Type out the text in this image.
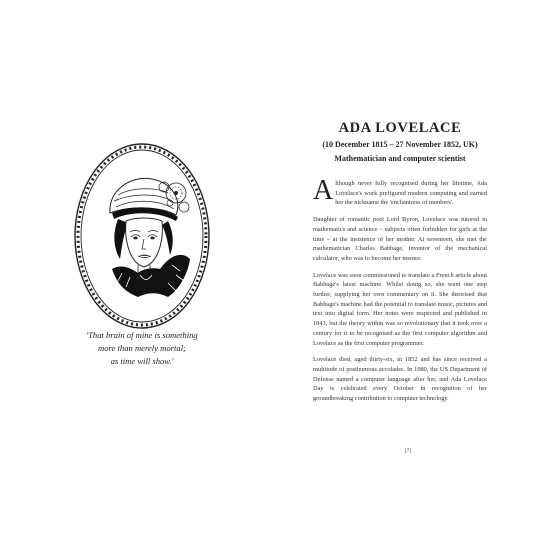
'That brain of mine is something
more than merely mortal;
as time will show.'
ADA LOVELACE
(10 December 1815 – 27 November 1852, UK)
Mathematician and computer scientist

Although never fully recognised during her lifetime, Ada Lovelace's work prefigured modern computing and earned her the nickname the 'enchantress of numbers'.

Daughter of romantic poet Lord Byron, Lovelace was tutored in mathematics and science – subjects often forbidden for girls at the time – at the insistence of her mother. At seventeen, she met the mathematician Charles Babbage, inventor of the mechanical calculator, who was to become her mentor.

Lovelace was soon commissioned to translate a French article about Babbage's latest machine. Whilst doing so, she went one step further, supplying her own commentary on it. She theorised that Babbage's machine had the potential to translate music, pictures and text into digital form. Her notes were respected and published in 1843, but the theory within was so revolutionary that it took over a century for it to be recognised as the first computer algorithm and Lovelace as the first computer programmer.

Lovelace died, aged thirty-six, in 1852 and has since received a multitude of posthumous accolades. In 1980, the US Department of Defense named a computer language after her, and Ada Lovelace Day is celebrated every October in recognition of her groundbreaking contribution to computer technology.

[7]
